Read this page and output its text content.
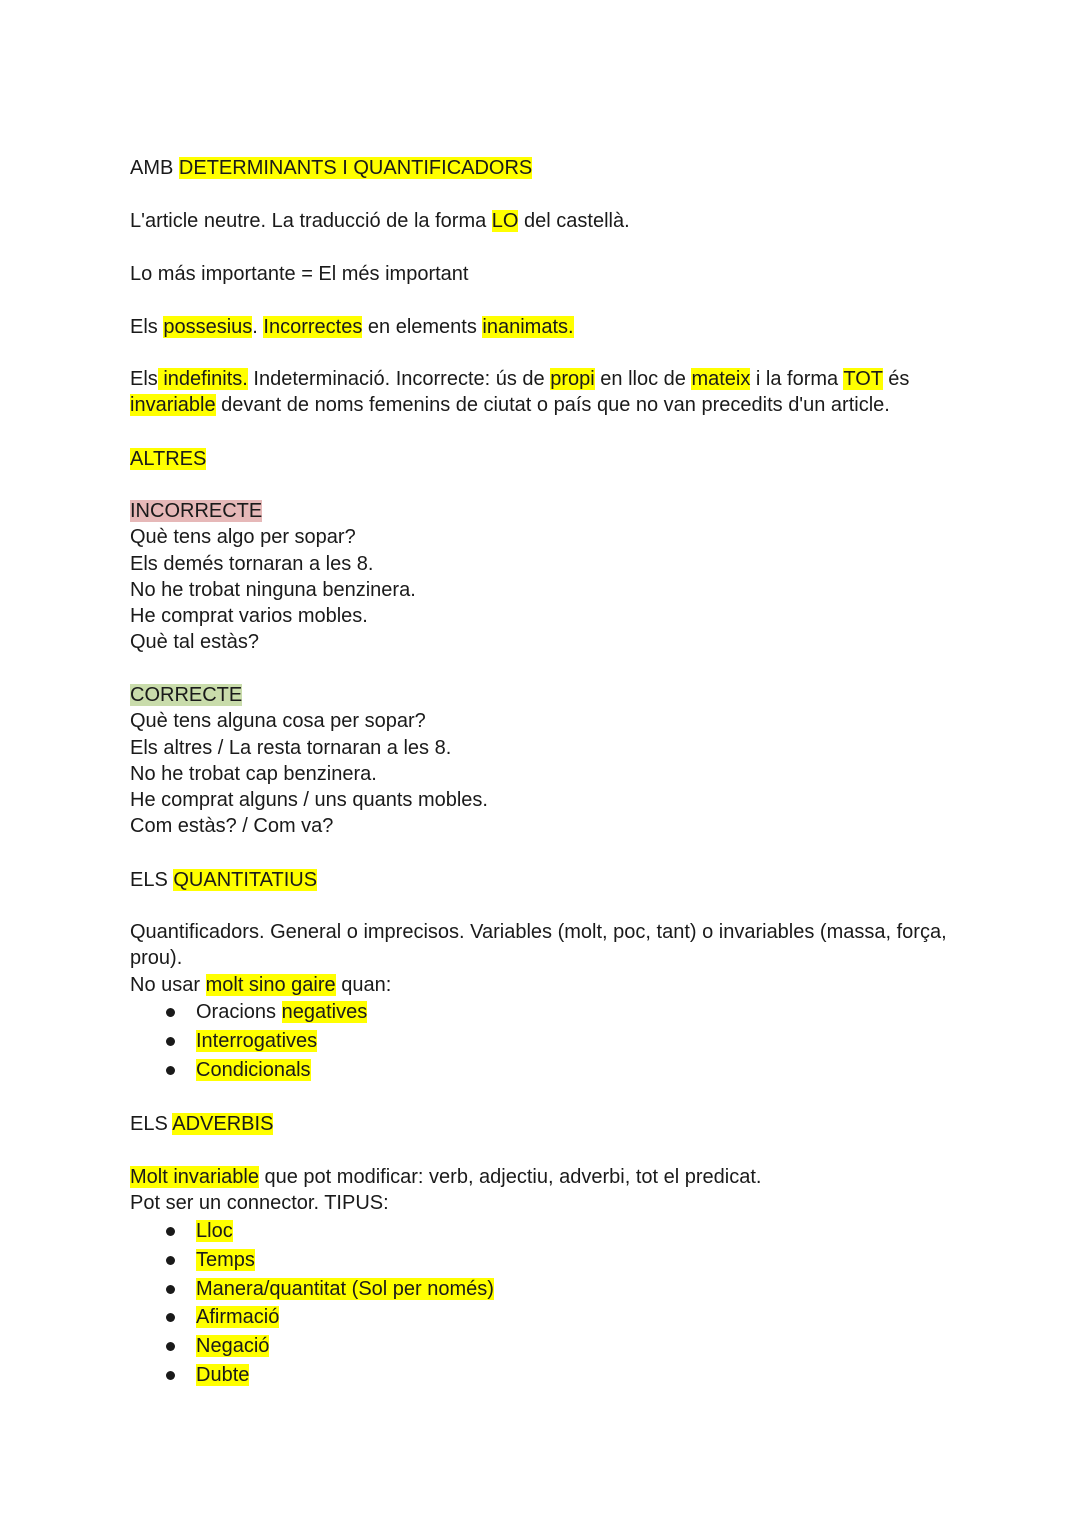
AMB DETERMINANTS I QUANTIFICADORS
L'article neutre. La traducció de la forma LO del castellà.
Lo más importante = El més important
Els possesius. Incorrectes en elements inanimats.
Els indefinits. Indeterminació. Incorrecte: ús de propi en lloc de mateix i la forma TOT és
invariable devant de noms femenins de ciutat o país que no van precedits d'un article.
ALTRES
INCORRECTE
Què tens algo per sopar?
Els demés tornaran a les 8.
No he trobat ninguna benzinera.
He comprat varios mobles.
Què tal estàs?
CORRECTE
Què tens alguna cosa per sopar?
Els altres / La resta tornaran a les 8.
No he trobat cap benzinera.
He comprat alguns / uns quants mobles.
Com estàs? / Com va?
ELS QUANTITATIUS
Quantificadors. General o imprecisos. Variables (molt, poc, tant) o invariables (massa, força,
prou).
No usar molt sino gaire quan:
Oracions negatives
Interrogatives
Condicionals
ELS ADVERBIS
Molt invariable que pot modificar: verb, adjectiu, adverbi, tot el predicat.
Pot ser un connector. TIPUS:
Lloc
Temps
Manera/quantitat (Sol per només)
Afirmació
Negació
Dubte
